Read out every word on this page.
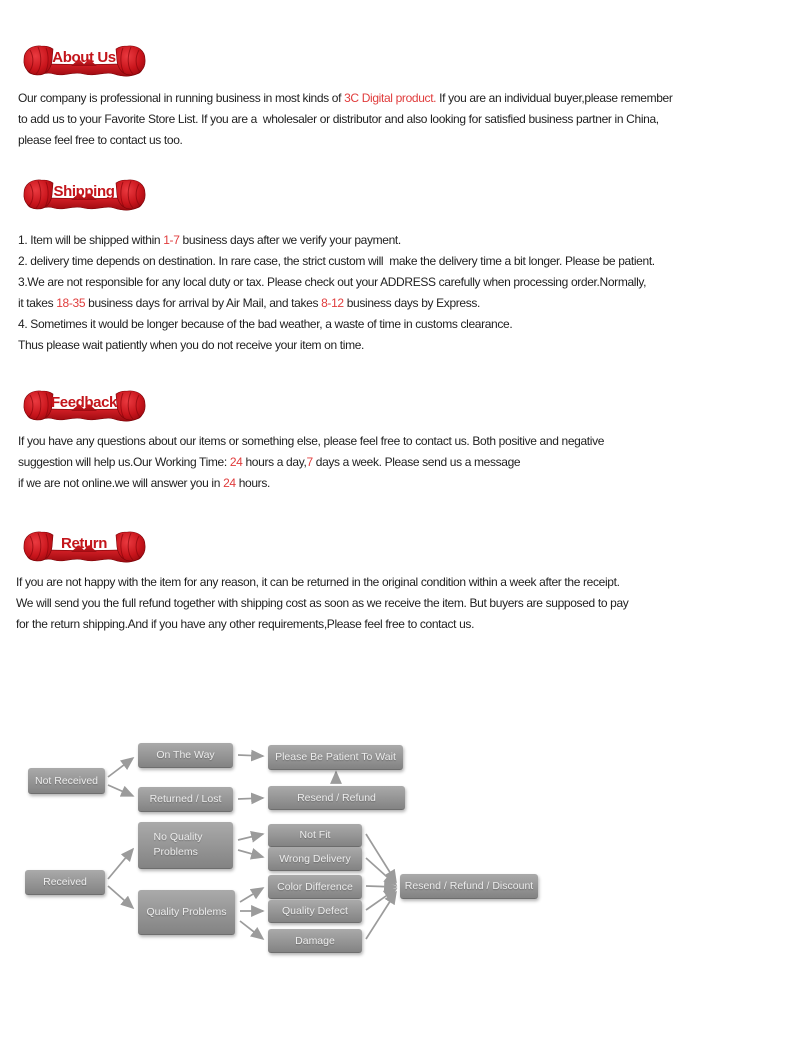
About Us
Our company is professional in running business in most kinds of 3C Digital product. If you are an individual buyer,please remember
to add us to your Favorite Store List. If you are a  wholesaler or distributor and also looking for satisfied business partner in China,
please feel free to contact us too.
Shipping
1. Item will be shipped within 1-7 business days after we verify your payment.
2. delivery time depends on destination. In rare case, the strict custom will  make the delivery time a bit longer. Please be patient.
3.We are not responsible for any local duty or tax. Please check out your ADDRESS carefully when processing order.Normally,
it takes 18-35 business days for arrival by Air Mail, and takes 8-12 business days by Express.
4. Sometimes it would be longer because of the bad weather, a waste of time in customs clearance.
Thus please wait patiently when you do not receive your item on time.
Feedback
If you have any questions about our items or something else, please feel free to contact us. Both positive and negative
suggestion will help us.Our Working Time: 24 hours a day,7 days a week. Please send us a message
if we are not online.we will answer you in 24 hours.
Return
If you are not happy with the item for any reason, it can be returned in the original condition within a week after the receipt.
We will send you the full refund together with shipping cost as soon as we receive the item. But buyers are supposed to pay
for the return shipping.And if you have any other requirements,Please feel free to contact us.
Not Received
On The Way
Returned / Lost
Please Be Patient To Wait
Resend / Refund
Received
No Quality Problems
Quality Problems
Not Fit
Wrong Delivery
Color Difference
Quality Defect
Damage
Resend / Refund / Discount
